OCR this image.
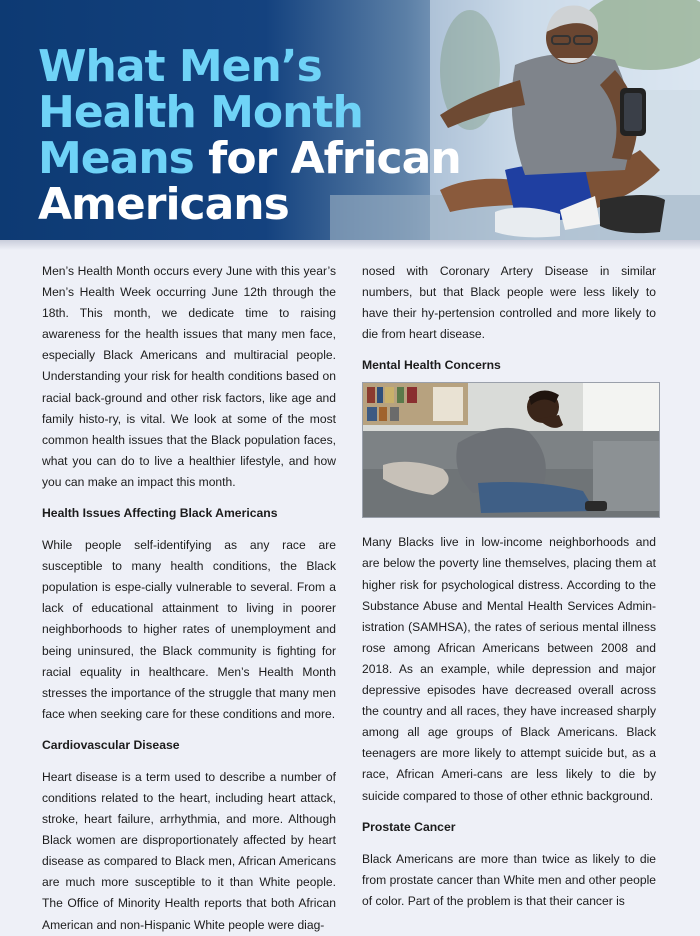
What Men’s Health Month Means for African Americans

Men’s Health Month occurs every June with this year’s Men’s Health Week occurring June 12th through the 18th. This month, we dedicate time to raising awareness for the health issues that many men face, especially Black Americans and multiracial people. Understanding your risk for health conditions based on racial back-ground and other risk factors, like age and family histo-ry, is vital. We look at some of the most common health issues that the Black population faces, what you can do to live a healthier lifestyle, and how you can make an impact this month.

Health Issues Affecting Black Americans

While people self-identifying as any race are susceptible to many health conditions, the Black population is espe-cially vulnerable to several. From a lack of educational attainment to living in poorer neighborhoods to higher rates of unemployment and being uninsured, the Black community is fighting for racial equality in healthcare. Men’s Health Month stresses the importance of the struggle that many men face when seeking care for these conditions and more.

Cardiovascular Disease

Heart disease is a term used to describe a number of conditions related to the heart, including heart attack, stroke, heart failure, arrhythmia, and more. Although Black women are disproportionately affected by heart disease as compared to Black men, African Americans are much more susceptible to it than White people. The Office of Minority Health reports that both African American and non-Hispanic White people were diag-

nosed with Coronary Artery Disease in similar numbers, but that Black people were less likely to have their hy-pertension controlled and more likely to die from heart disease.

Mental Health Concerns

Many Blacks live in low-income neighborhoods and are below the poverty line themselves, placing them at higher risk for psychological distress. According to the Substance Abuse and Mental Health Services Admin-istration (SAMHSA), the rates of serious mental illness rose among African Americans between 2008 and 2018. As an example, while depression and major depressive episodes have decreased overall across the country and all races, they have increased sharply among all age groups of Black Americans. Black teenagers are more likely to attempt suicide but, as a race, African Ameri-cans are less likely to die by suicide compared to those of other ethnic background.

Prostate Cancer

Black Americans are more than twice as likely to die from prostate cancer than White men and other people of color. Part of the problem is that their cancer is
